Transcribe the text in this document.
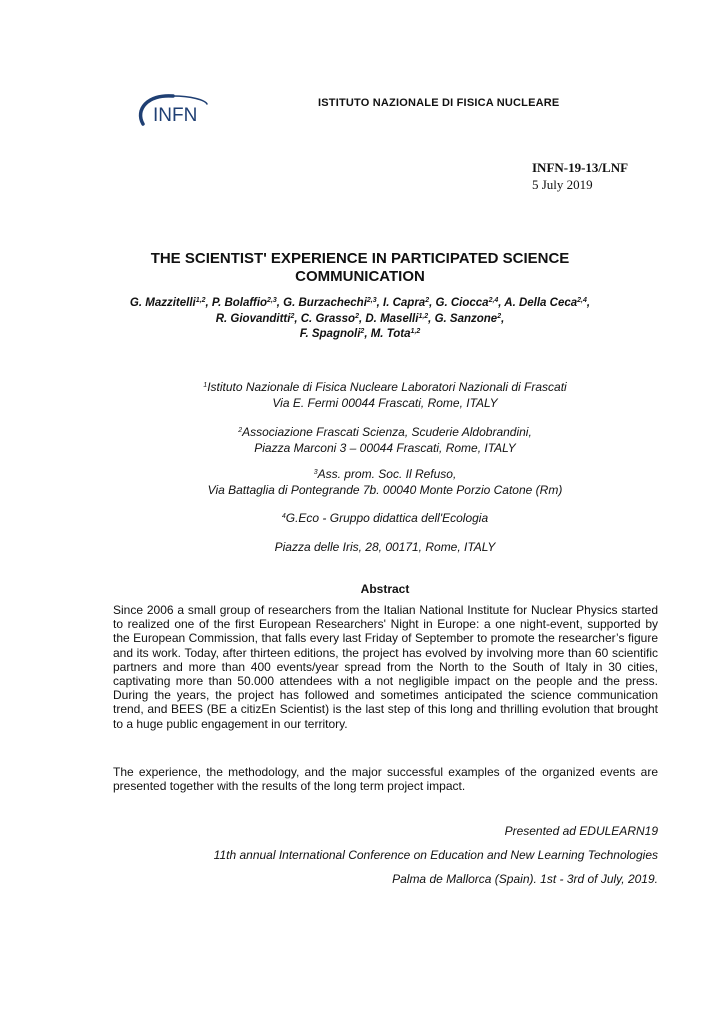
INFN
ISTITUTO NAZIONALE DI FISICA NUCLEARE
INFN-19-13/LNF
5 July 2019
THE SCIENTIST' EXPERIENCE IN PARTICIPATED SCIENCE
COMMUNICATION
G. Mazzitelli$^{1,2}$, P. Bolaffio$^{2,3}$, G. Burzachechi$^{2,3}$, I. Capra$^2$, G. Ciocca$^{2,4}$, A. Della Ceca$^{2,4}$,
R. Giovanditti$^2$, C. Grasso$^2$, D. Maselli$^{1,2}$, G. Sanzone$^2$,
F. Spagnoli$^2$, M. Tota$^{1,2}$
$^1$Istituto Nazionale di Fisica Nucleare Laboratori Nazionali di Frascati
Via E. Fermi 00044 Frascati, Rome, ITALY
$^2$Associazione Frascati Scienza, Scuderie Aldobrandini,
Piazza Marconi 3 – 00044 Frascati, Rome, ITALY
$^3$Ass. prom. Soc. Il Refuso,
Via Battaglia di Pontegrande 7b. 00040 Monte Porzio Catone (Rm)
$^4$G.Eco - Gruppo didattica dell'Ecologia
Piazza delle Iris, 28, 00171, Rome, ITALY
Abstract
Since 2006 a small group of researchers from the Italian National Institute for Nuclear Physics started to realized one of the first European Researchers' Night in Europe: a one night-event, supported by the European Commission, that falls every last Friday of September to promote the researcher’s figure and its work. Today, after thirteen editions, the project has evolved by involving more than 60 scientific partners and more than 400 events/year spread from the North to the South of Italy in 30 cities, captivating more than 50.000 attendees with a not negligible impact on the people and the press. During the years, the project has followed and sometimes anticipated the science communication trend, and BEES (BE a citizEn Scientist) is the last step of this long and thrilling evolution that brought to a huge public engagement in our territory.
The experience, the methodology, and the major successful examples of the organized events are presented together with the results of the long term project impact.
Presented ad EDULEARN19
11th annual International Conference on Education and New Learning Technologies
Palma de Mallorca (Spain). 1st - 3rd of July, 2019.
